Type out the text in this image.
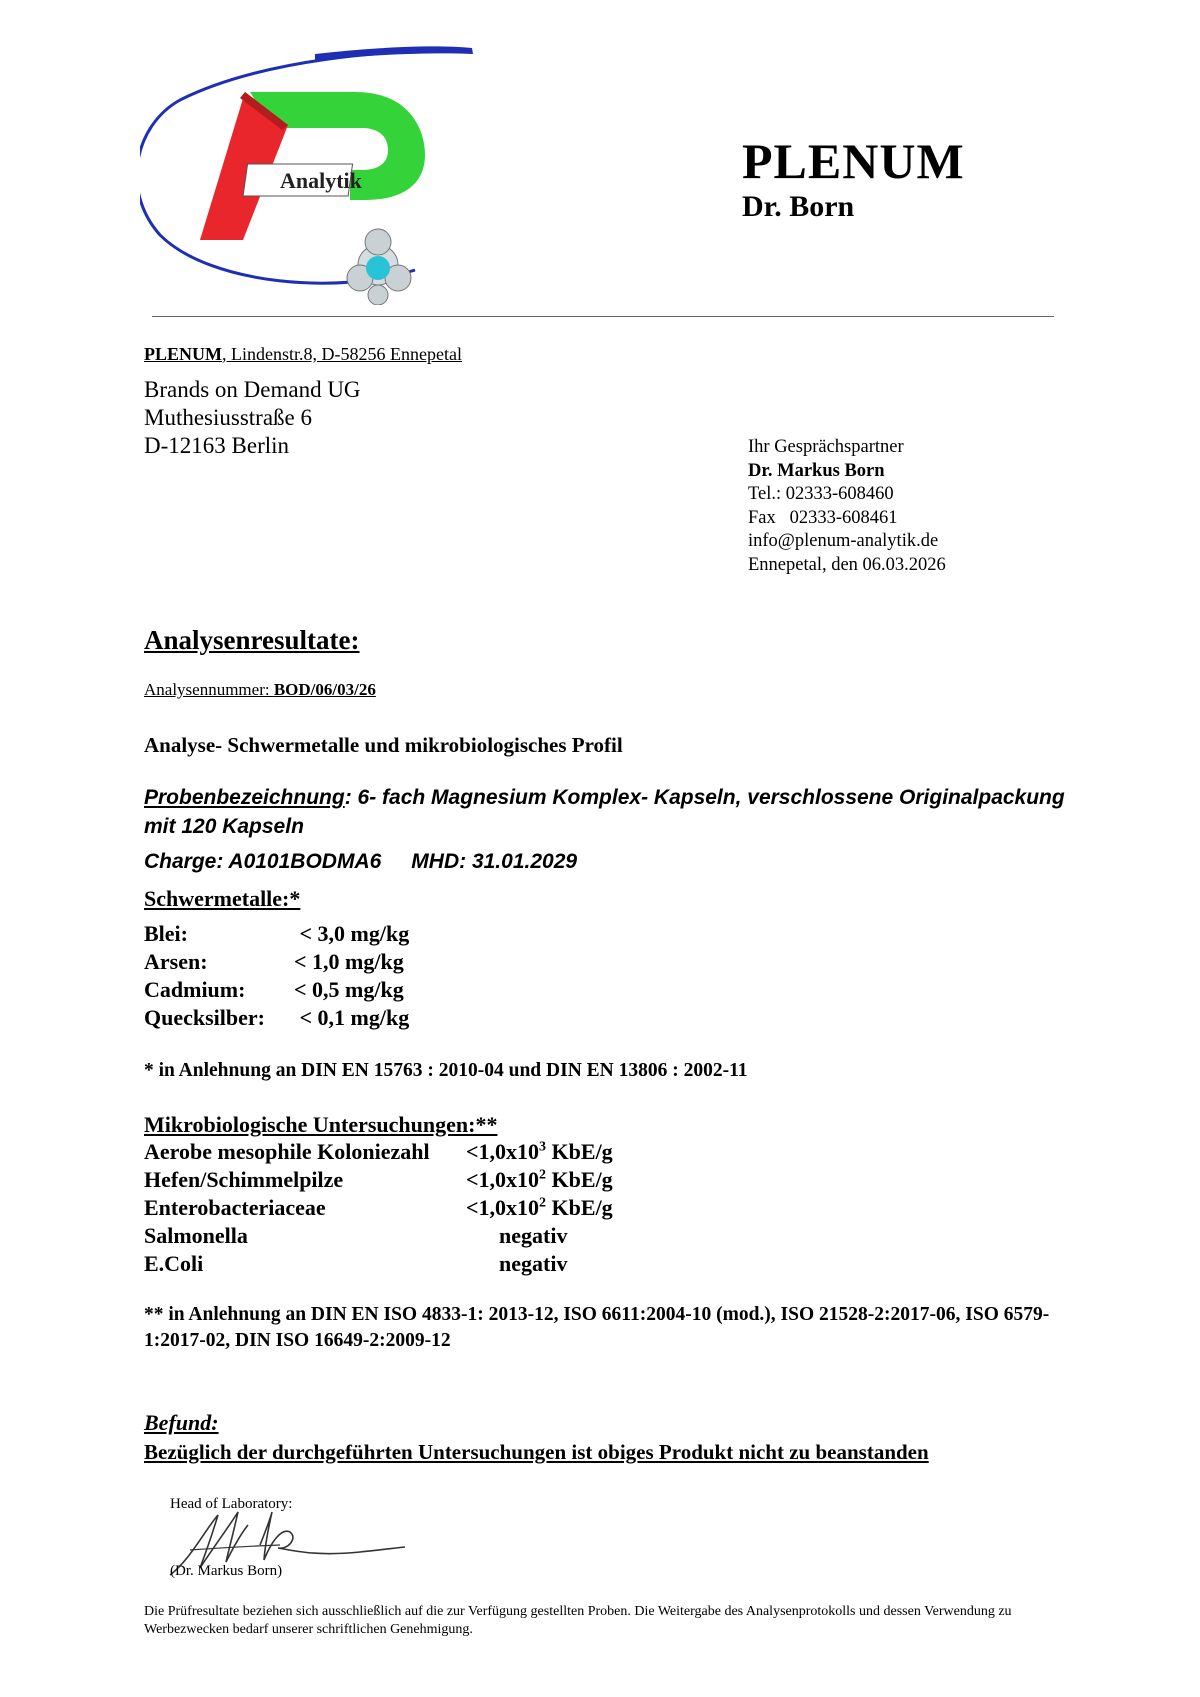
Analytik	PLENUM
Dr. Born
PLENUM, Lindenstr.8, D-58256 Ennepetal
Brands on Demand UG
Muthesiusstraße 6
D-12163 Berlin	Ihr Gesprächspartner
Dr. Markus Born
Tel.: 02333-608460
Fax   02333-608461
info@plenum-analytik.de
Ennepetal, den 06.03.2026
Analysenresultate:
Analysennummer: BOD/06/03/26
Analyse- Schwermetalle und mikrobiologisches Profil
Probenbezeichnung: 6- fach Magnesium Komplex- Kapseln, verschlossene Originalpackung mit 120 Kapseln
Charge: A0101BODMA6 MHD: 31.01.2029
Schwermetalle:*
Blei:	< 3,0 mg/kg
Arsen:	< 1,0 mg/kg
Cadmium:	< 0,5 mg/kg
Quecksilber:	< 0,1 mg/kg
* in Anlehnung an DIN EN 15763 : 2010-04 und DIN EN 13806 : 2002-11
Mikrobiologische Untersuchungen:**
Aerobe mesophile Koloniezahl	$<1,0x10^3$ KbE/g
Hefen/Schimmelpilze	$<1,0x10^2$ KbE/g
Enterobacteriaceae	$<1,0x10^2$ KbE/g
Salmonella	negativ
E.Coli	negativ
** in Anlehnung an DIN EN ISO 4833-1: 2013-12, ISO 6611:2004-10 (mod.), ISO 21528-2:2017-06, ISO 6579-1:2017-02, DIN ISO 16649-2:2009-12
Befund:
Bezüglich der durchgeführten Untersuchungen ist obiges Produkt nicht zu beanstanden
Head of Laboratory:
(Dr. Markus Born)
Die Prüfresultate beziehen sich ausschließlich auf die zur Verfügung gestellten Proben. Die Weitergabe des Analysenprotokolls und dessen Verwendung zu Werbezwecken bedarf unserer schriftlichen Genehmigung.
